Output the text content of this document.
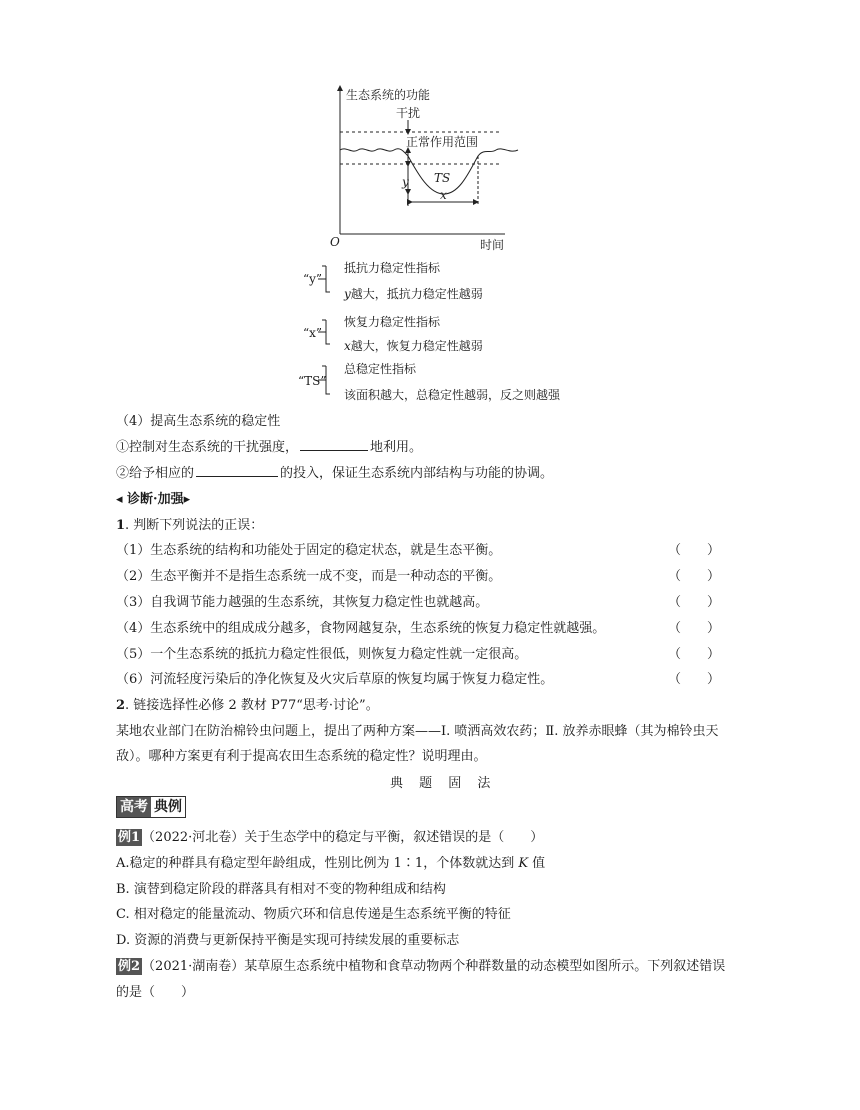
生态系统的功能
干扰
正常作用范围
TS
y
x
O	时间
“y”
抵抗力稳定性指标
y越大，抵抗力稳定性越弱
“x”
恢复力稳定性指标
x越大，恢复力稳定性越弱
“TS”
总稳定性指标
该面积越大，总稳定性越弱，反之则越强
（4）提高生态系统的稳定性
①控制对生态系统的干扰强度，	地利用。
②给予相应的	的投入，保证生态系统内部结构与功能的协调。
◂ 诊断·加强▸
1. 判断下列说法的正误：
（1）生态系统的结构和功能处于固定的稳定状态，就是生态平衡。	（　　）
（2）生态平衡并不是指生态系统一成不变，而是一种动态的平衡。	（　　）
（3）自我调节能力越强的生态系统，其恢复力稳定性也就越高。	（　　）
（4）生态系统中的组成成分越多，食物网越复杂，生态系统的恢复力稳定性就越强。	（　　）
（5）一个生态系统的抵抗力稳定性很低，则恢复力稳定性就一定很高。	（　　）
（6）河流轻度污染后的净化恢复及火灾后草原的恢复均属于恢复力稳定性。	（　　）
2. 链接选择性必修 2 教材 P77“思考·讨论”。
某地农业部门在防治棉铃虫问题上，提出了两种方案——Ⅰ. 喷洒高效农药；Ⅱ. 放养赤眼蜂（其为棉铃虫天
敌）。哪种方案更有利于提高农田生态系统的稳定性？说明理由。
典 题 固 法
高考 典例
例1 （2022·河北卷）关于生态学中的稳定与平衡，叙述错误的是（　　）
A.稳定的种群具有稳定型年龄组成，性别比例为 1∶1，个体数就达到 K 值
B. 演替到稳定阶段的群落具有相对不变的物种组成和结构
C. 相对稳定的能量流动、物质穴环和信息传递是生态系统平衡的特征
D. 资源的消费与更新保持平衡是实现可持续发展的重要标志
例2 （2021·湖南卷）某草原生态系统中植物和食草动物两个种群数量的动态模型如图所示。下列叙述错误
的是（　　）
